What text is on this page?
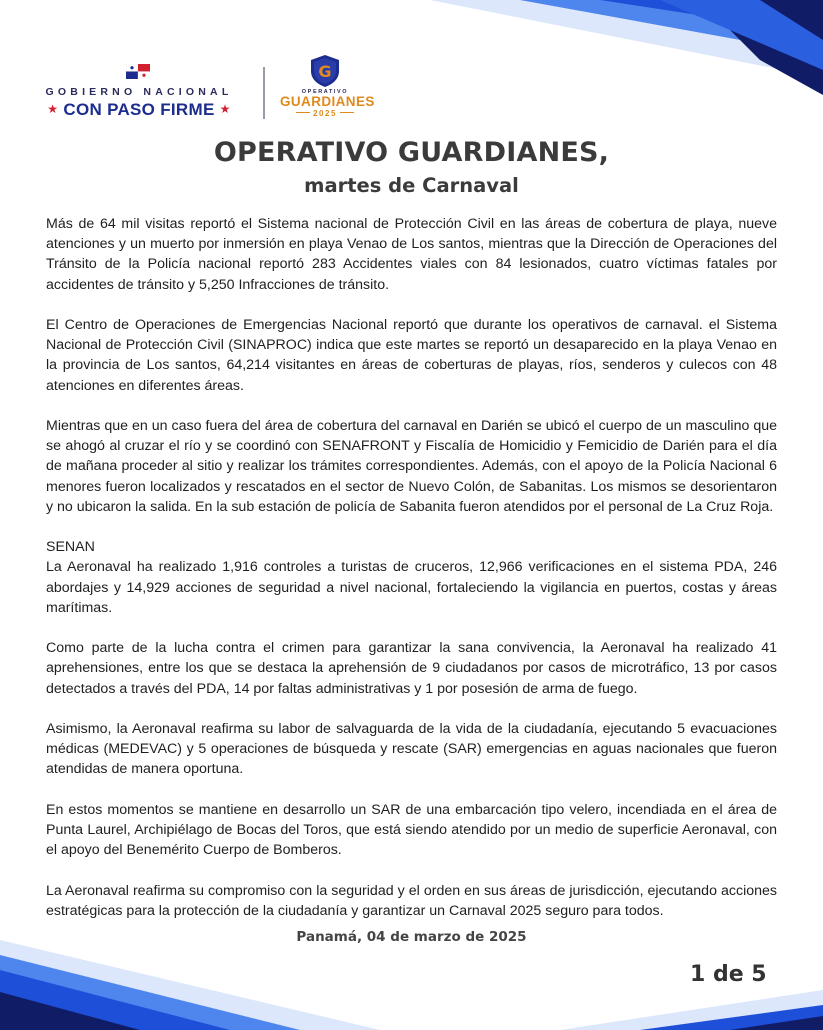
GOBIERNO NACIONAL
★ CON PASO FIRME ★
G
OPERATIVO
GUARDIANES
2025
OPERATIVO GUARDIANES,
martes de Carnaval

Más de 64 mil visitas reportó el Sistema nacional de Protección Civil en las áreas de cobertura de playa, nueve atenciones y un muerto por inmersión en playa Venao de Los santos, mientras que la Dirección de Operaciones del Tránsito de la Policía nacional reportó 283 Accidentes viales con 84 lesionados, cuatro víctimas fatales por accidentes de tránsito y 5,250 Infracciones de tránsito.

El Centro de Operaciones de Emergencias Nacional reportó que durante los operativos de carnaval. el Sistema Nacional de Protección Civil (SINAPROC) indica que este martes se reportó un desaparecido en la playa Venao en la provincia de Los santos, 64,214 visitantes en áreas de coberturas de playas, ríos, senderos y culecos con 48 atenciones en diferentes áreas.

Mientras que en un caso fuera del área de cobertura del carnaval en Darién se ubicó el cuerpo de un masculino que se ahogó al cruzar el río y se coordinó con SENAFRONT y Fiscalía de Homicidio y Femicidio de Darién para el día de mañana proceder al sitio y realizar los trámites correspondientes. Además, con el apoyo de la Policía Nacional 6 menores fueron localizados y rescatados en el sector de Nuevo Colón, de Sabanitas. Los mismos se desorientaron y no ubicaron la salida. En la sub estación de policía de Sabanita fueron atendidos por el personal de La Cruz Roja.

SENAN

La Aeronaval ha realizado 1,916 controles a turistas de cruceros, 12,966 verificaciones en el sistema PDA, 246 abordajes y 14,929 acciones de seguridad a nivel nacional, fortaleciendo la vigilancia en puertos, costas y áreas marítimas.

Como parte de la lucha contra el crimen para garantizar la sana convivencia, la Aeronaval ha realizado 41 aprehensiones, entre los que se destaca la aprehensión de 9 ciudadanos por casos de microtráfico, 13 por casos detectados a través del PDA, 14 por faltas administrativas y 1 por posesión de arma de fuego.

Asimismo, la Aeronaval reafirma su labor de salvaguarda de la vida de la ciudadanía, ejecutando 5 evacuaciones médicas (MEDEVAC) y 5 operaciones de búsqueda y rescate (SAR) emergencias en aguas nacionales que fueron atendidas de manera oportuna.

En estos momentos se mantiene en desarrollo un SAR de una embarcación tipo velero, incendiada en el área de Punta Laurel, Archipiélago de Bocas del Toros, que está siendo atendido por un medio de superficie Aeronaval, con el apoyo del Benemérito Cuerpo de Bomberos.

La Aeronaval reafirma su compromiso con la seguridad y el orden en sus áreas de jurisdicción, ejecutando acciones estratégicas para la protección de la ciudadanía y garantizar un Carnaval 2025 seguro para todos.

Panamá, 04 de marzo de 2025
1 de 5
